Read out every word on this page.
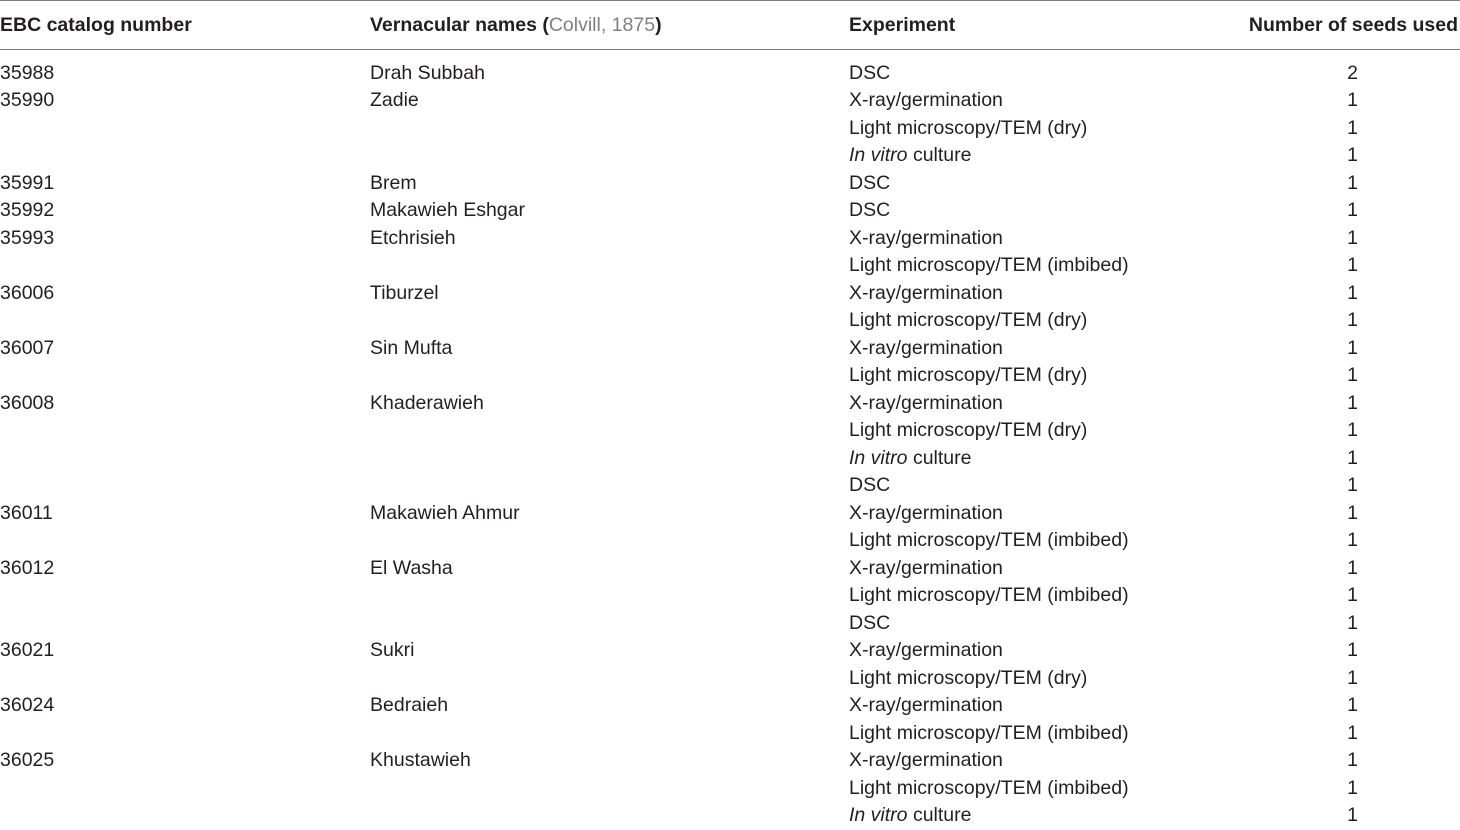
EBC catalog number	Vernacular names (Colvill, 1875)	Experiment	Number of seeds used
35988	Drah Subbah	DSC	2
35990	Zadie	X-ray/germination	1
		Light microscopy/TEM (dry)	1
		In vitro culture	1
35991	Brem	DSC	1
35992	Makawieh Eshgar	DSC	1
35993	Etchrisieh	X-ray/germination	1
		Light microscopy/TEM (imbibed)	1
36006	Tiburzel	X-ray/germination	1
		Light microscopy/TEM (dry)	1
36007	Sin Mufta	X-ray/germination	1
		Light microscopy/TEM (dry)	1
36008	Khaderawieh	X-ray/germination	1
		Light microscopy/TEM (dry)	1
		In vitro culture	1
		DSC	1
36011	Makawieh Ahmur	X-ray/germination	1
		Light microscopy/TEM (imbibed)	1
36012	El Washa	X-ray/germination	1
		Light microscopy/TEM (imbibed)	1
		DSC	1
36021	Sukri	X-ray/germination	1
		Light microscopy/TEM (dry)	1
36024	Bedraieh	X-ray/germination	1
		Light microscopy/TEM (imbibed)	1
36025	Khustawieh	X-ray/germination	1
		Light microscopy/TEM (imbibed)	1
		In vitro culture	1
